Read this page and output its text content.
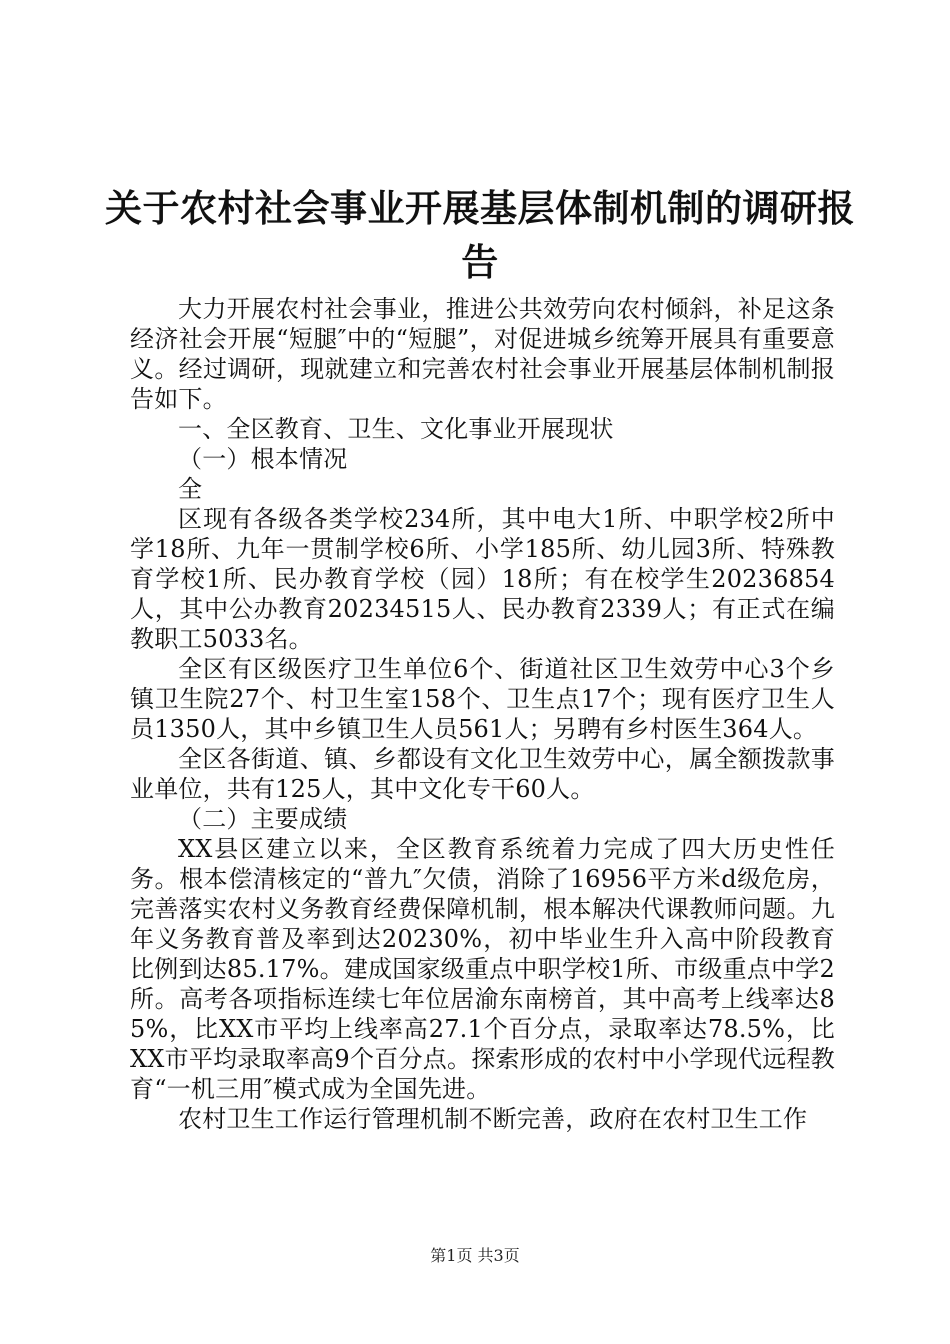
关于农村社会事业开展基层体制机制的调研报
告

大力开展农村社会事业，推进公共效劳向农村倾斜，补足这条经济社会开展“短腿″中的“短腿”，对促进城乡统筹开展具有重要意义。经过调研，现就建立和完善农村社会事业开展基层体制机制报告如下。

一、全区教育、卫生、文化事业开展现状

（一）根本情况

全

区现有各级各类学校234所，其中电大1所、中职学校2所中学18所、九年一贯制学校6所、小学185所、幼儿园3所、特殊教育学校1所、民办教育学校（园）18所；有在校学生20236854人，其中公办教育20234515人、民办教育2339人；有正式在编教职工5033名。

全区有区级医疗卫生单位6个、街道社区卫生效劳中心3个乡镇卫生院27个、村卫生室158个、卫生点17个；现有医疗卫生人员1350人，其中乡镇卫生人员561人；另聘有乡村医生364人。

全区各街道、镇、乡都设有文化卫生效劳中心，属全额拨款事业单位，共有125人，其中文化专干60人。

（二）主要成绩

XX县区建立以来，全区教育系统着力完成了四大历史性任务。根本偿清核定的“普九″欠债，消除了16956平方米d级危房，完善落实农村义务教育经费保障机制，根本解决代课教师问题。九年义务教育普及率到达20230%，初中毕业生升入高中阶段教育比例到达85.17%。建成国家级重点中职学校1所、市级重点中学2所。高考各项指标连续七年位居渝东南榜首，其中高考上线率达85%，比XX市平均上线率高27.1个百分点，录取率达78.5%，比XX市平均录取率高9个百分点。探索形成的农村中小学现代远程教育“一机三用″模式成为全国先进。

农村卫生工作运行管理机制不断完善，政府在农村卫生工作

第1页 共3页
